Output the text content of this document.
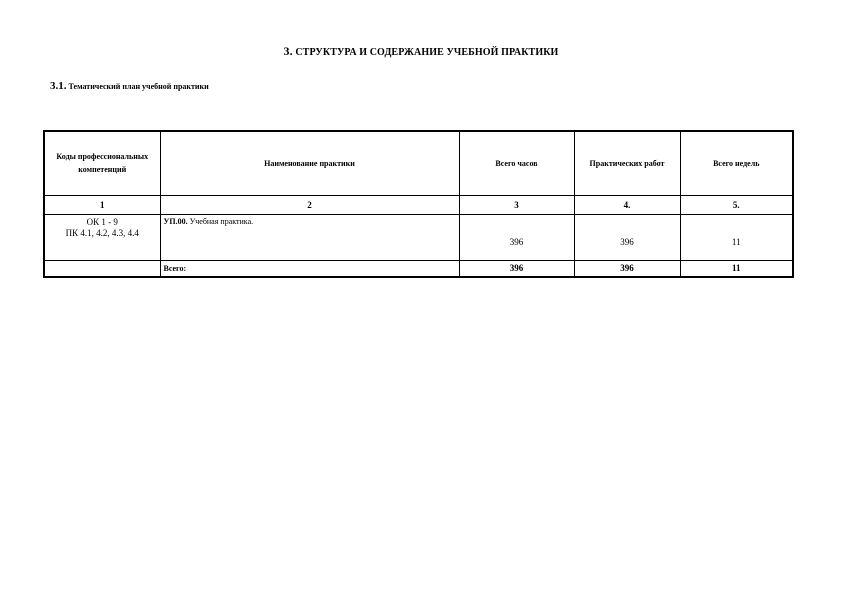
3. СТРУКТУРА И СОДЕРЖАНИЕ УЧЕБНОЙ ПРАКТИКИ
3.1. Тематический план учебной практики
Коды профессиональных компетенций	Наименование практики	Всего часов	Практических работ	Всего недель
1	2	3	4.	5.

ОК 1 - 9
ПК 4.1, 4.2, 4.3, 4.4	УП.00. Учебная практика.	396	396	11
	Всего:	396	396	11
